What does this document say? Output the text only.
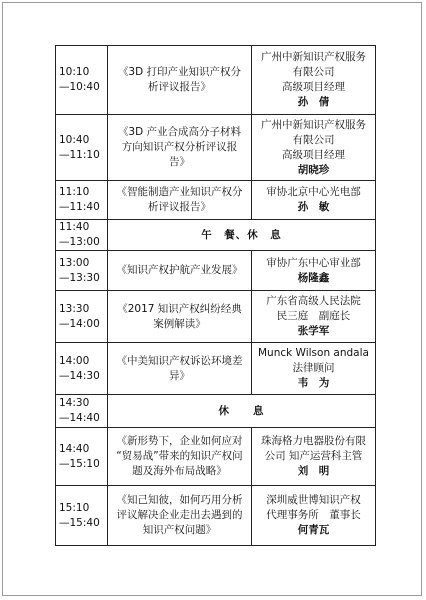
10:10
—10:40	《3D 打印产业知识产权分
析评议报告》	广州中新知识产权服务
有限公司
高级项目经理
孙　倩

10:40
—11:10	《3D 产业合成高分子材料
方向知识产权分析评议报
告》	广州中新知识产权服务
有限公司
高级项目经理
胡晓珍

11:10
—11:40	《智能制造产业知识产权分
析评议报告》	审协北京中心光电部
孙　敏

11:40
—13:00	午　餐、休　息	

13:00
—13:30	《知识产权护航产业发展》	审协广东中心审业部
杨隆鑫

13:30
—14:00	《2017 知识产权纠纷经典
案例解读》	广东省高级人民法院
民三庭　副庭长
张学军

14:00
—14:30	《中美知识产权诉讼环境差
异》	Munck Wilson andala
法律顾问
韦　为

14:30
—14:40	休　　息	

14:40
—15:10	《新形势下，企业如何应对
“贸易战”带来的知识产权问
题及海外布局战略》	珠海格力电器股份有限
公司 知产运营科主管
刘　明

15:10
—15:40	《知己知彼，如何巧用分析
评议解决企业走出去遇到的
知识产权问题》	深圳威世博知识产权
代理事务所　董事长
何青瓦
